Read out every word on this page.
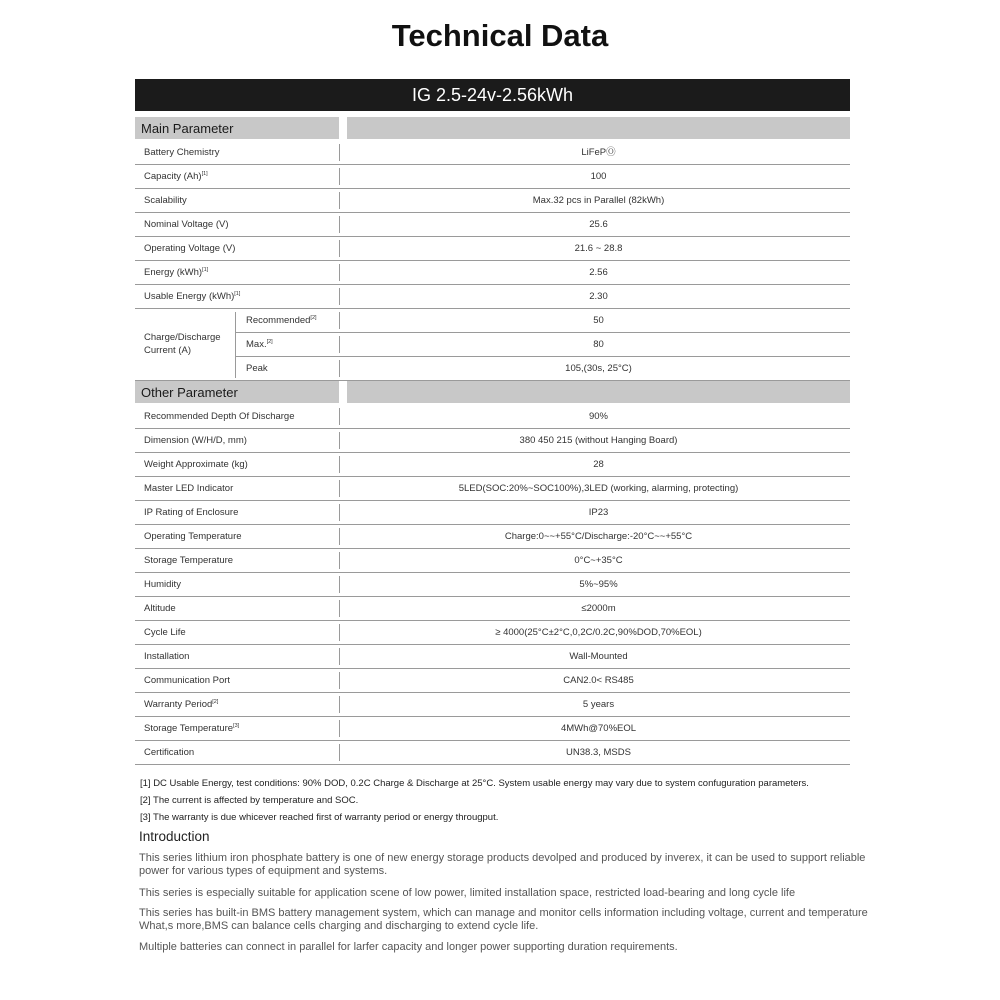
Technical Data
IG 2.5-24v-2.56kWh
Main Parameter
Battery Chemistry	LiFePⓄ
Capacity (Ah)[1]	100
Scalability	Max.32 pcs in Parallel (82kWh)
Nominal Voltage (V)	25.6
Operating Voltage (V)	21.6 ~ 28.8
Energy (kWh)[1]	2.56
Usable Energy (kWh)[1]	2.30
Charge/Discharge
Current (A)
Recommended[2]	50
Max.[2]	80
Peak	105,(30s, 25°C)
Other Parameter
Recommended Depth Of Discharge	90%
Dimension (W/H/D, mm)	380 450 215 (without Hanging Board)
Weight Approximate (kg)	28
Master LED Indicator	5LED(SOC:20%~SOC100%),3LED (working, alarming, protecting)
IP Rating of Enclosure	IP23
Operating Temperature	Charge:0~~+55°C/Discharge:-20°C~~+55°C
Storage Temperature	0°C~+35°C
Humidity	5%~95%
Altitude	≤2000m
Cycle Life	≥ 4000(25°C±2°C,0,2C/0.2C,90%DOD,70%EOL)
Installation	Wall-Mounted
Communication Port	CAN2.0< RS485
Warranty Period[2]	5 years
Storage Temperature[3]	4MWh@70%EOL
Certification	UN38.3, MSDS
[1] DC Usable Energy, test conditions: 90% DOD, 0.2C Charge & Discharge at 25°C. System usable energy may vary due to system confuguration parameters.
[2] The current is affected by temperature and SOC.
[3] The warranty is due whicever reached first of warranty period or energy througput.
Introduction
This series lithium iron phosphate battery is one of new energy storage products devolped and produced by inverex, it can be used to support reliable power for various types of equipment and systems.
This series is especially suitable for application scene of low power, limited installation space, restricted load-bearing and long cycle life
This series has built-in BMS battery management system, which can manage and monitor cells information including voltage, current and temperature What,s more,BMS can balance cells charging and discharging to extend cycle life.
Multiple batteries can connect in parallel for larfer capacity and longer power supporting duration requirements.
